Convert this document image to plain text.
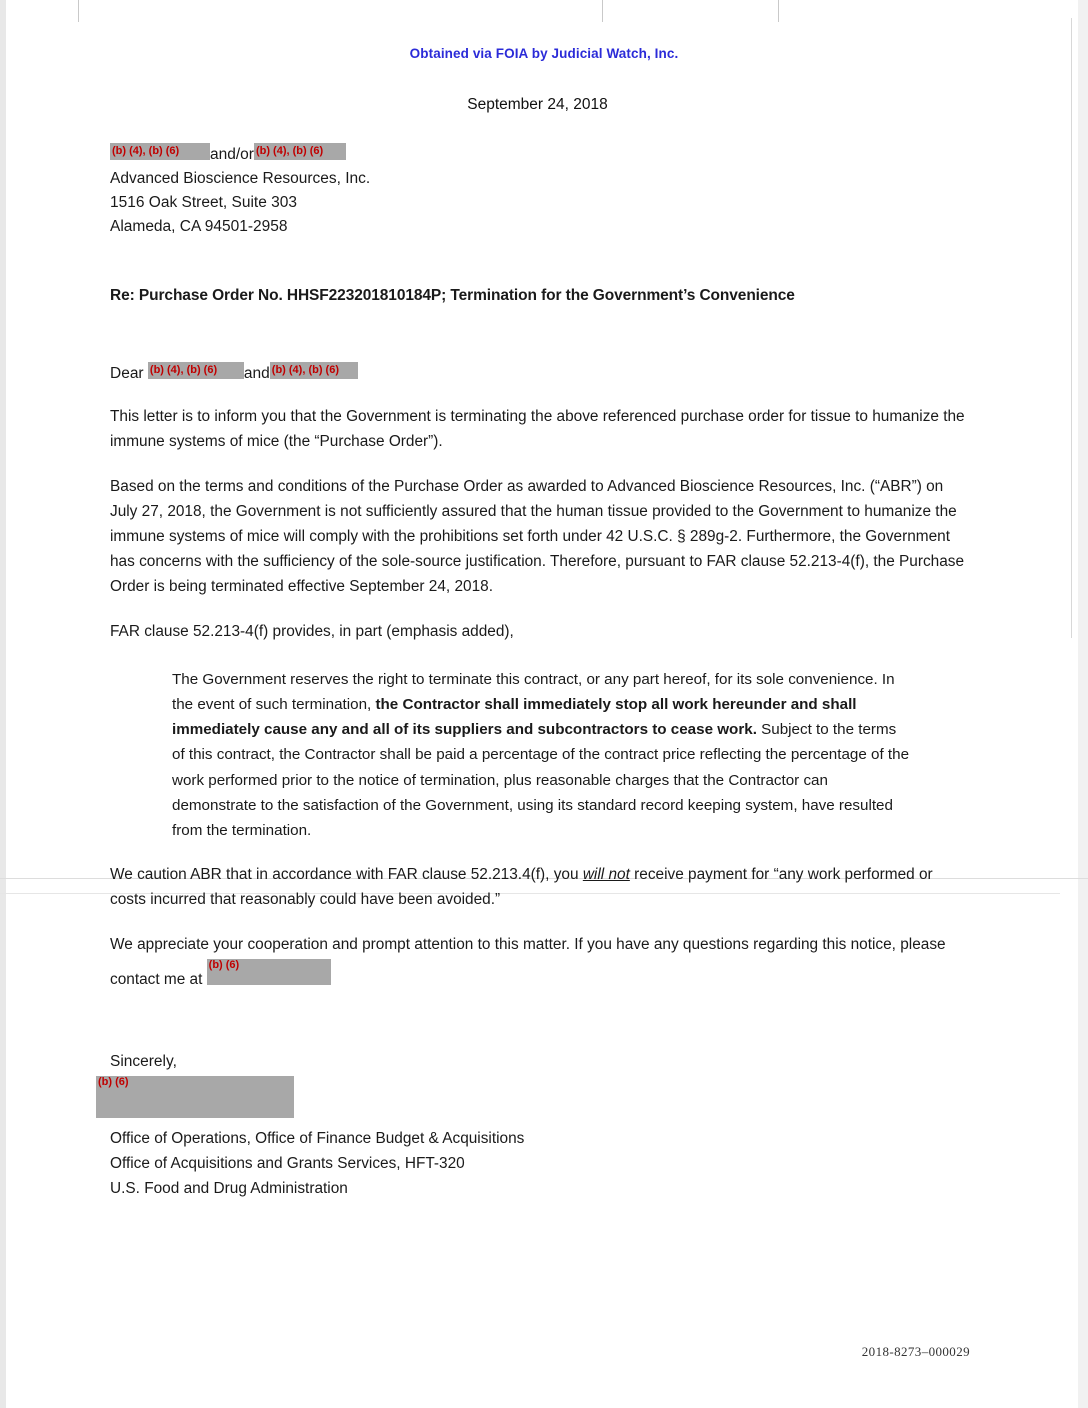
Obtained via FOIA by Judicial Watch, Inc.
September 24, 2018
(b) (4), (b) (6) and/or (b) (4), (b) (6)
Advanced Bioscience Resources, Inc.
1516 Oak Street, Suite 303
Alameda, CA 94501-2958
Re: Purchase Order No. HHSF223201810184P; Termination for the Government’s Convenience
Dear (b) (4), (b) (6) and (b) (4), (b) (6)

This letter is to inform you that the Government is terminating the above referenced purchase order for tissue to humanize the immune systems of mice (the “Purchase Order”).

Based on the terms and conditions of the Purchase Order as awarded to Advanced Bioscience Resources, Inc. (“ABR”) on July 27, 2018, the Government is not sufficiently assured that the human tissue provided to the Government to humanize the immune systems of mice will comply with the prohibitions set forth under 42 U.S.C. § 289g-2. Furthermore, the Government has concerns with the sufficiency of the sole-source justification. Therefore, pursuant to FAR clause 52.213-4(f), the Purchase Order is being terminated effective September 24, 2018.

FAR clause 52.213-4(f) provides, in part (emphasis added),

The Government reserves the right to terminate this contract, or any part hereof, for its sole convenience. In the event of such termination, the Contractor shall immediately stop all work hereunder and shall immediately cause any and all of its suppliers and subcontractors to cease work. Subject to the terms of this contract, the Contractor shall be paid a percentage of the contract price reflecting the percentage of the work performed prior to the notice of termination, plus reasonable charges that the Contractor can demonstrate to the satisfaction of the Government, using its standard record keeping system, have resulted from the termination.

We caution ABR that in accordance with FAR clause 52.213.4(f), you will not receive payment for “any work performed or costs incurred that reasonably could have been avoided.”

We appreciate your cooperation and prompt attention to this matter. If you have any questions regarding this notice, please contact me at (b) (6)

Sincerely,
(b) (6)
Office of Operations, Office of Finance Budget & Acquisitions
Office of Acquisitions and Grants Services, HFT-320
U.S. Food and Drug Administration
2018-8273–000029
